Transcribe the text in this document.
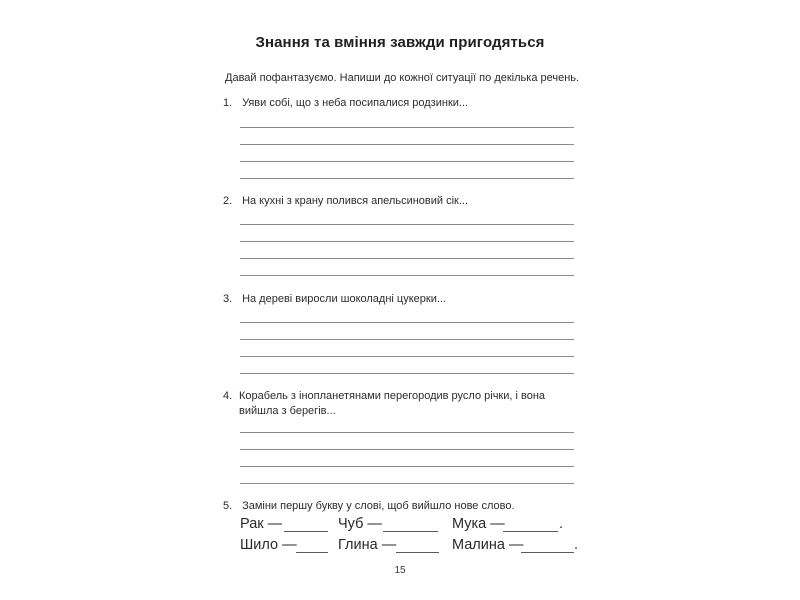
Знання та вміння завжди пригодяться
Давай пофантазуємо. Напиши до кожної ситуації по декілька речень.
1. Уяви собі, що з неба посипалися родзинки...
2. На кухні з крану полився апельсиновий сік...
3. На дереві виросли шоколадні цукерки...
4. Корабель з інопланетянами перегородив русло річки, і вона вийшла з берегів...
5. Заміни першу букву у слові, щоб вийшло нове слово.
Рак —	Чуб —	Мука —	.
Шило —	Глина —	Малина —	.
15
